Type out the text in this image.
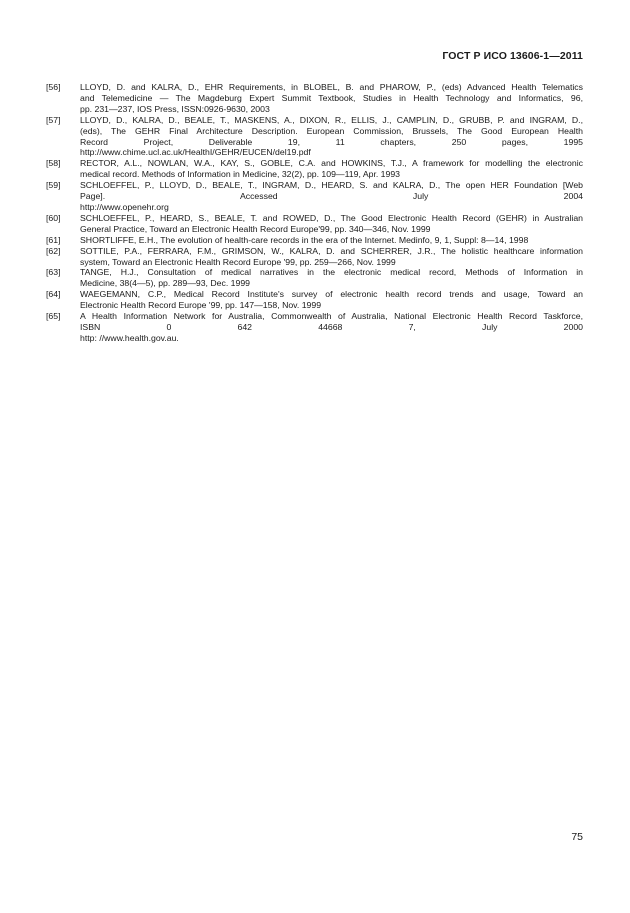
ГОСТ Р ИСО 13606-1—2011
[56]	LLOYD, D. and KALRA, D., EHR Requirements, in BLOBEL, B. and PHAROW, P., (eds) Advanced Health Telematics
and Telemedicine — The Magdeburg Expert Summit Textbook, Studies in Health Technology and Informatics, 96,
pp. 231—237, IOS Press, ISSN:0926-9630, 2003
[57]	LLOYD, D., KALRA, D., BEALE, T., MASKENS, A., DIXON, R., ELLIS, J., CAMPLIN, D., GRUBB, P. and INGRAM, D.,
(eds), The GEHR Final Architecture Description. European Commission, Brussels, The Good European Health
Record Project, Deliverable 19, 11 chapters, 250 pages, 1995
http://www.chime.ucl.ac.uk/HealthI/GEHR/EUCEN/del19.pdf
[58]	RECTOR, A.L., NOWLAN, W.A., KAY, S., GOBLE, C.A. and HOWKINS, T.J., A framework for modelling the electronic
medical record. Methods of Information in Medicine, 32(2), pp. 109—119, Apr. 1993
[59]	SCHLOEFFEL, P., LLOYD, D., BEALE, T., INGRAM, D., HEARD, S. and KALRA, D., The open HER Foundation [Web
Page]. Accessed July 2004
http://www.openehr.org
[60]	SCHLOEFFEL, P., HEARD, S., BEALE, T. and ROWED, D., The Good Electronic Health Record (GEHR) in Australian
General Practice, Toward an Electronic Health Record Europe'99, pp. 340—346, Nov. 1999
[61]	SHORTLIFFE, E.H., The evolution of health-care records in the era of the Internet. Medinfo, 9, 1, Suppl: 8—14, 1998
[62]	SOTTILE, P.A., FERRARA, F.M., GRIMSON, W., KALRA, D. and SCHERRER, J.R., The holistic healthcare information
system, Toward an Electronic Health Record Europe '99, pp. 259—266, Nov. 1999
[63]	TANGE, H.J., Consultation of medical narratives in the electronic medical record, Methods of Information in
Medicine, 38(4—5), pp. 289—93, Dec. 1999
[64]	WAEGEMANN, C.P., Medical Record Institute's survey of electronic health record trends and usage, Toward an
Electronic Health Record Europe '99, pp. 147—158, Nov. 1999
[65]	A Health Information Network for Australia, Commonwealth of Australia, National Electronic Health Record Taskforce,
ISBN 0 642 44668 7, July 2000
http: //www.health.gov.au.
75
